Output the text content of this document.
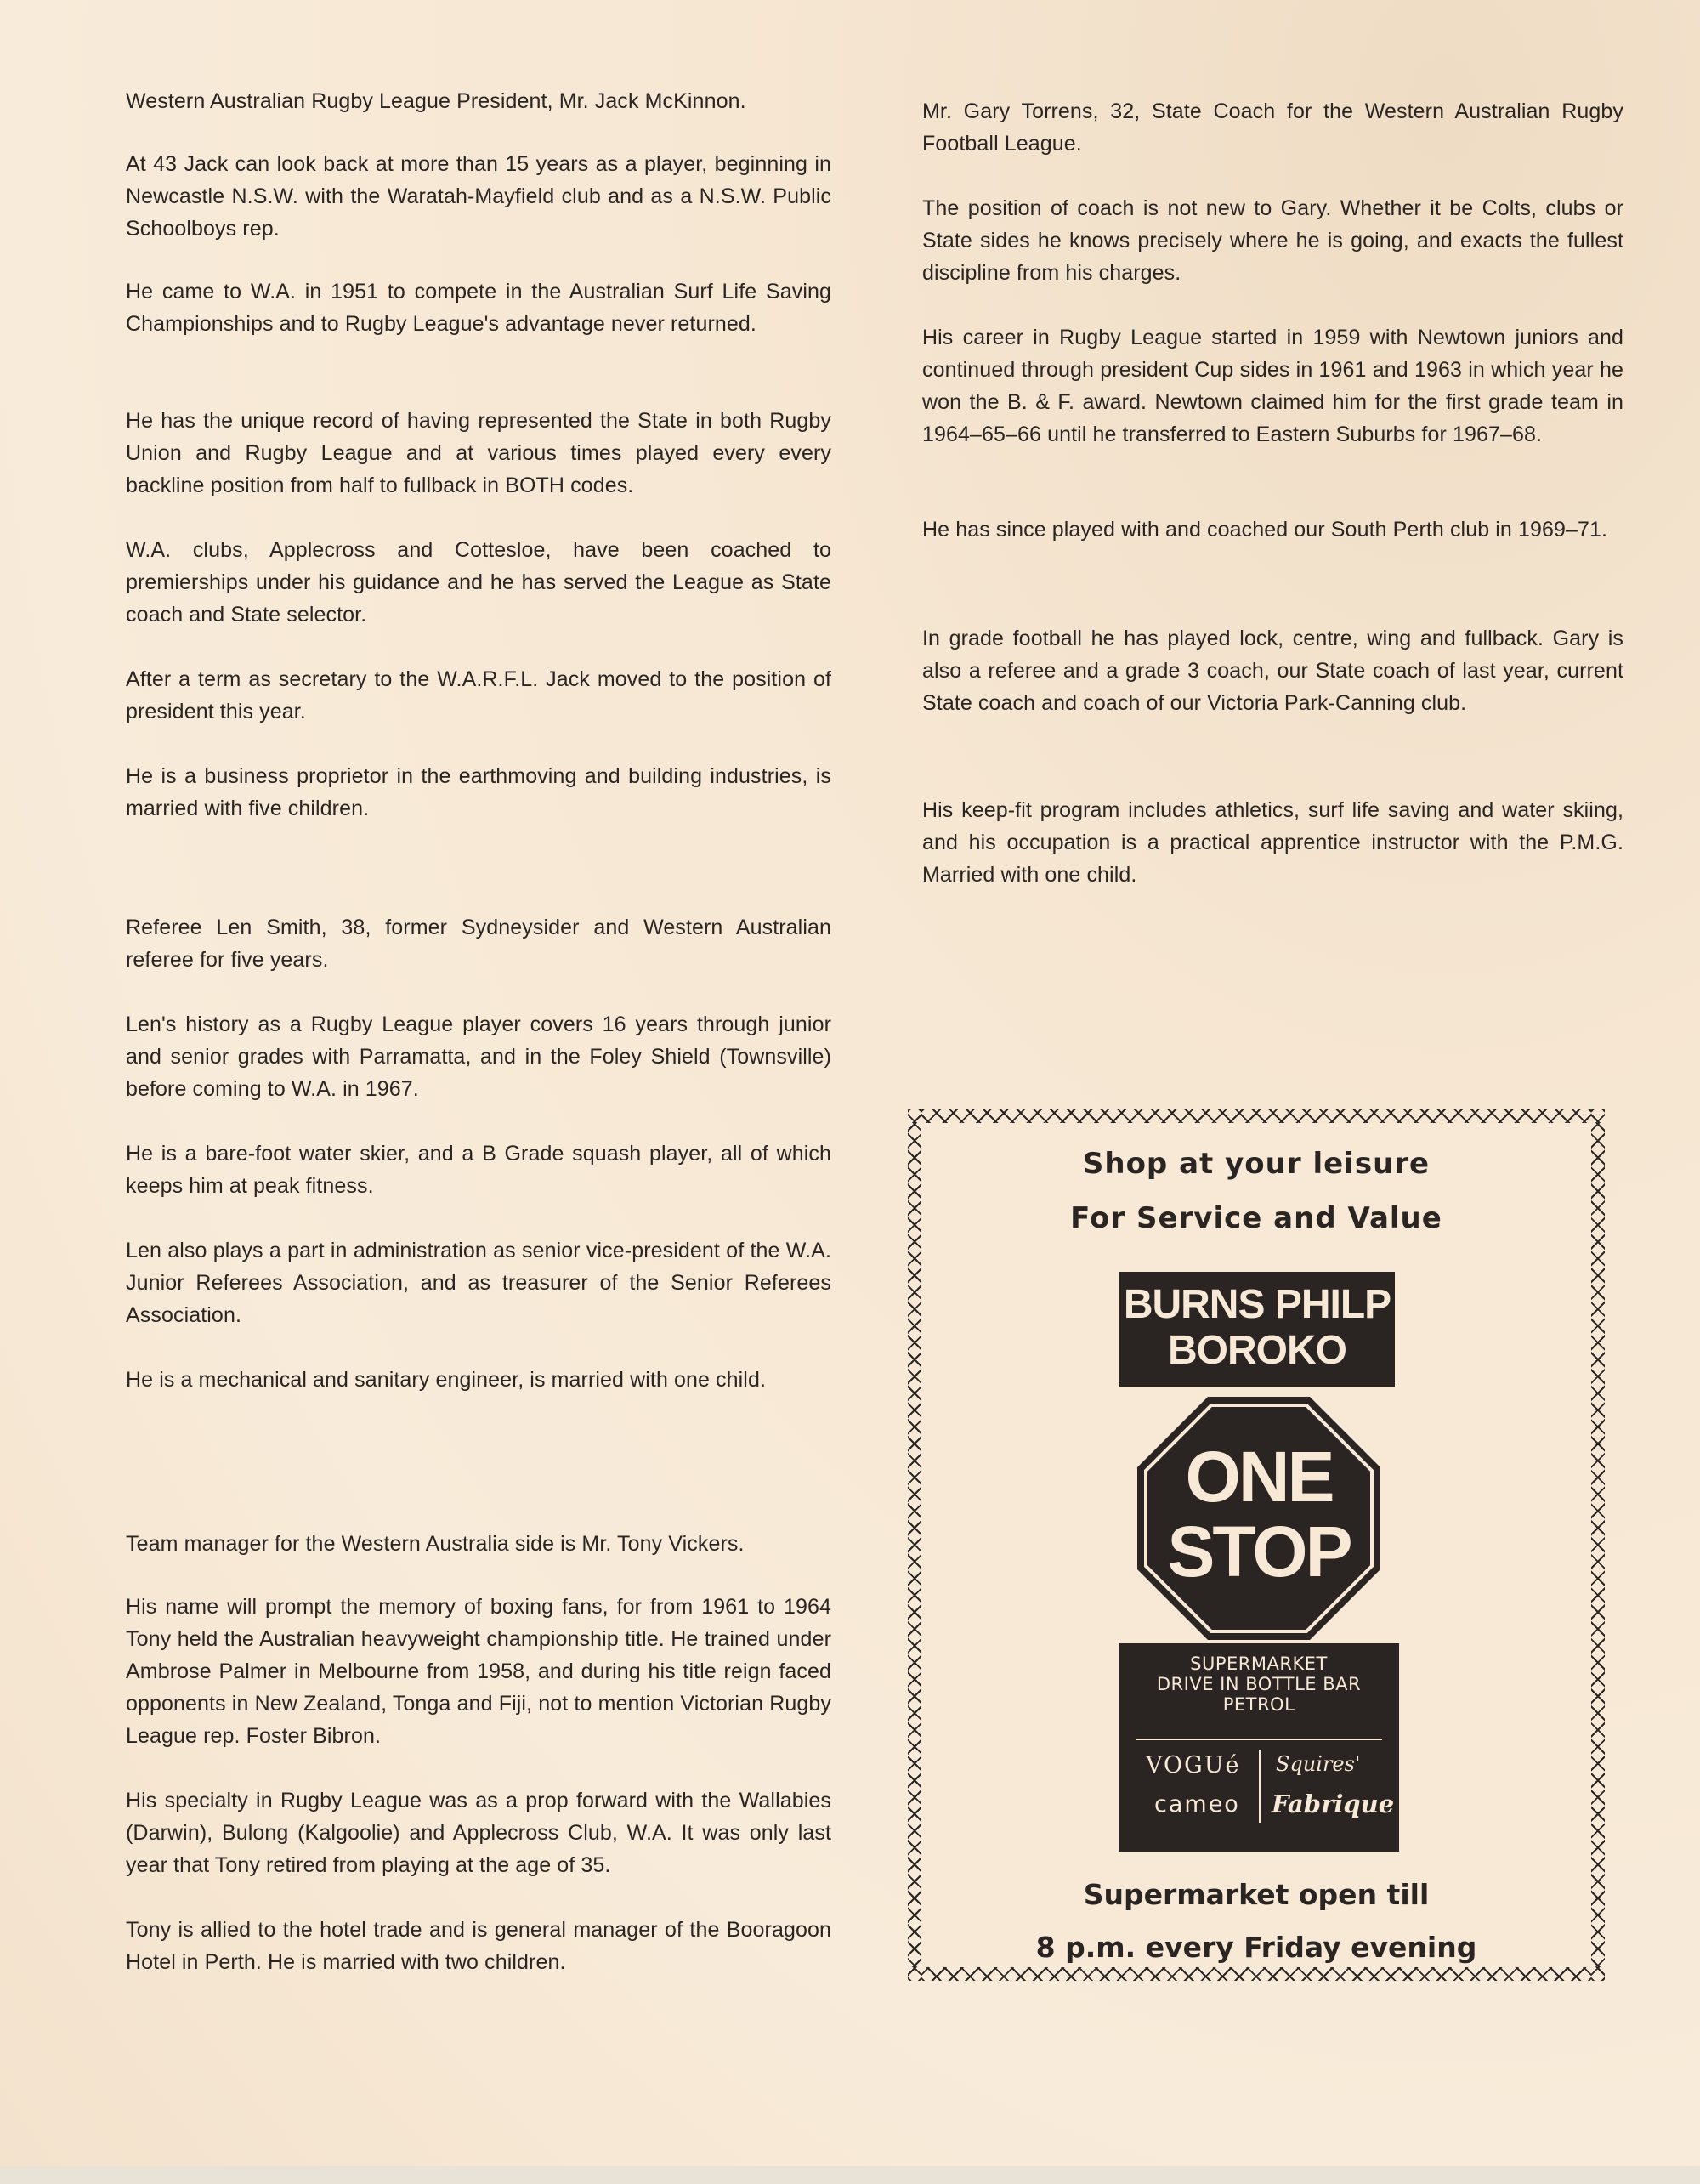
Western Australian Rugby League President, Mr. Jack McKinnon.

At 43 Jack can look back at more than 15 years as a player, beginning in Newcastle N.S.W. with the Waratah-Mayfield club and as a N.S.W. Public Schoolboys rep.

He came to W.A. in 1951 to compete in the Australian Surf Life Saving Championships and to Rugby League's advantage never returned.

He has the unique record of having represented the State in both Rugby Union and Rugby League and at various times played every every backline position from half to fullback in BOTH codes.

W.A. clubs, Applecross and Cottesloe, have been coached to premierships under his guidance and he has served the League as State coach and State selector.

After a term as secretary to the W.A.R.F.L. Jack moved to the position of president this year.

He is a business proprietor in the earthmoving and building industries, is married with five children.

Referee Len Smith, 38, former Sydneysider and Western Australian referee for five years.

Len's history as a Rugby League player covers 16 years through junior and senior grades with Parramatta, and in the Foley Shield (Townsville) before coming to W.A. in 1967.

He is a bare-foot water skier, and a B Grade squash player, all of which keeps him at peak fitness.

Len also plays a part in administration as senior vice-president of the W.A. Junior Referees Association, and as treasurer of the Senior Referees Association.

He is a mechanical and sanitary engineer, is married with one child.

Team manager for the Western Australia side is Mr. Tony Vickers.

His name will prompt the memory of boxing fans, for from 1961 to 1964 Tony held the Australian heavyweight championship title. He trained under Ambrose Palmer in Melbourne from 1958, and during his title reign faced opponents in New Zealand, Tonga and Fiji, not to mention Victorian Rugby League rep. Foster Bibron.

His specialty in Rugby League was as a prop forward with the Wallabies (Darwin), Bulong (Kalgoolie) and Applecross Club, W.A. It was only last year that Tony retired from playing at the age of 35.

Tony is allied to the hotel trade and is general manager of the Booragoon Hotel in Perth. He is married with two children.

Mr. Gary Torrens, 32, State Coach for the Western Australian Rugby Football League.

The position of coach is not new to Gary. Whether it be Colts, clubs or State sides he knows precisely where he is going, and exacts the fullest discipline from his charges.

His career in Rugby League started in 1959 with Newtown juniors and continued through president Cup sides in 1961 and 1963 in which year he won the B. & F. award. Newtown claimed him for the first grade team in 1964–65–66 until he transferred to Eastern Suburbs for 1967–68.

He has since played with and coached our South Perth club in 1969–71.

In grade football he has played lock, centre, wing and fullback. Gary is also a referee and a grade 3 coach, our State coach of last year, current State coach and coach of our Victoria Park-Canning club.

His keep-fit program includes athletics, surf life saving and water skiing, and his occupation is a practical apprentice instructor with the P.M.G. Married with one child.

Shop at your leisure
For Service and Value
BURNS PHILP
BOROKO
ONE
STOP
SUPERMARKET
DRIVE IN BOTTLE BAR
PETROL
VOGUé
cameo
Squires'
Fabrique
Supermarket open till
8 p.m. every Friday evening
